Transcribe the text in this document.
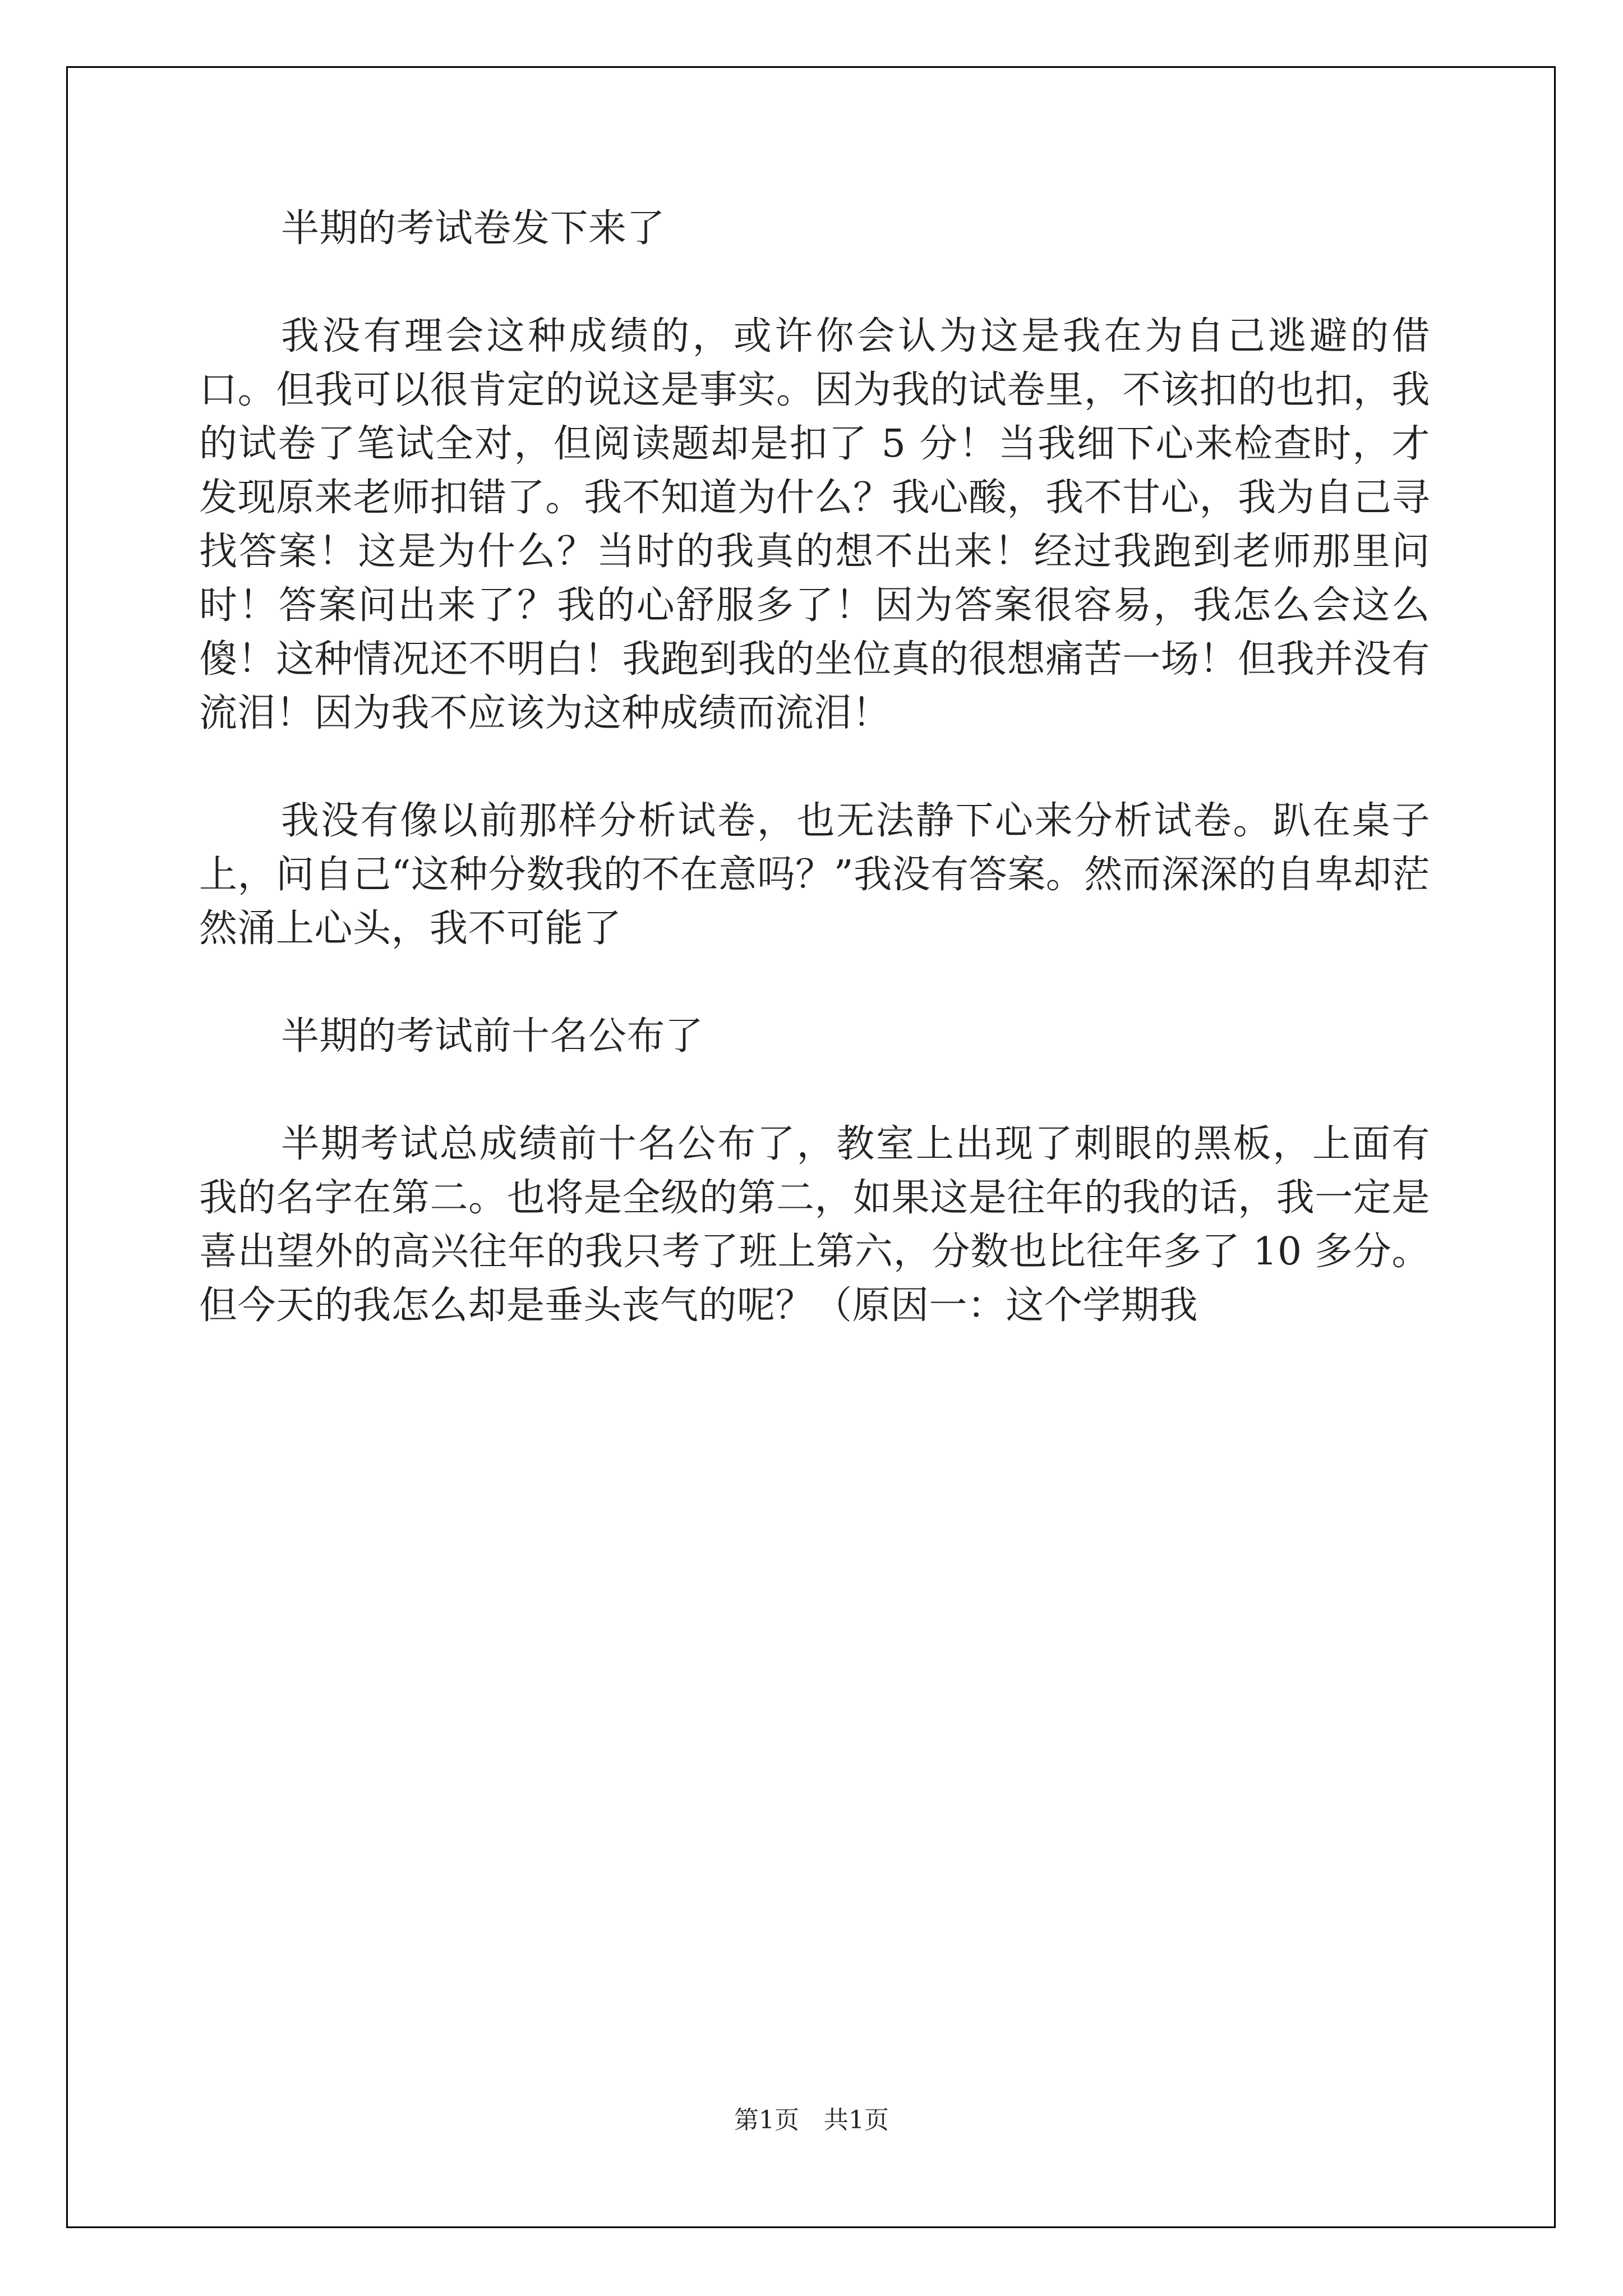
半期的考试卷发下来了

我没有理会这种成绩的，或许你会认为这是我在为自己逃避的借口。但我可以很肯定的说这是事实。因为我的试卷里，不该扣的也扣，我的试卷了笔试全对，但阅读题却是扣了 5 分！当我细下心来检查时，才发现原来老师扣错了。我不知道为什么？我心酸，我不甘心，我为自己寻找答案！这是为什么？当时的我真的想不出来！经过我跑到老师那里问时！答案问出来了？我的心舒服多了！因为答案很容易，我怎么会这么傻！这种情况还不明白！我跑到我的坐位真的很想痛苦一场！但我并没有流泪！因为我不应该为这种成绩而流泪！

我没有像以前那样分析试卷，也无法静下心来分析试卷。趴在桌子上，问自己“这种分数我的不在意吗？”我没有答案。然而深深的自卑却茫然涌上心头，我不可能了

半期的考试前十名公布了

半期考试总成绩前十名公布了，教室上出现了刺眼的黑板，上面有我的名字在第二。也将是全级的第二，如果这是往年的我的话，我一定是喜出望外的高兴往年的我只考了班上第六，分数也比往年多了 10 多分。但今天的我怎么却是垂头丧气的呢？（原因一：这个学期我

第1页 共1页
